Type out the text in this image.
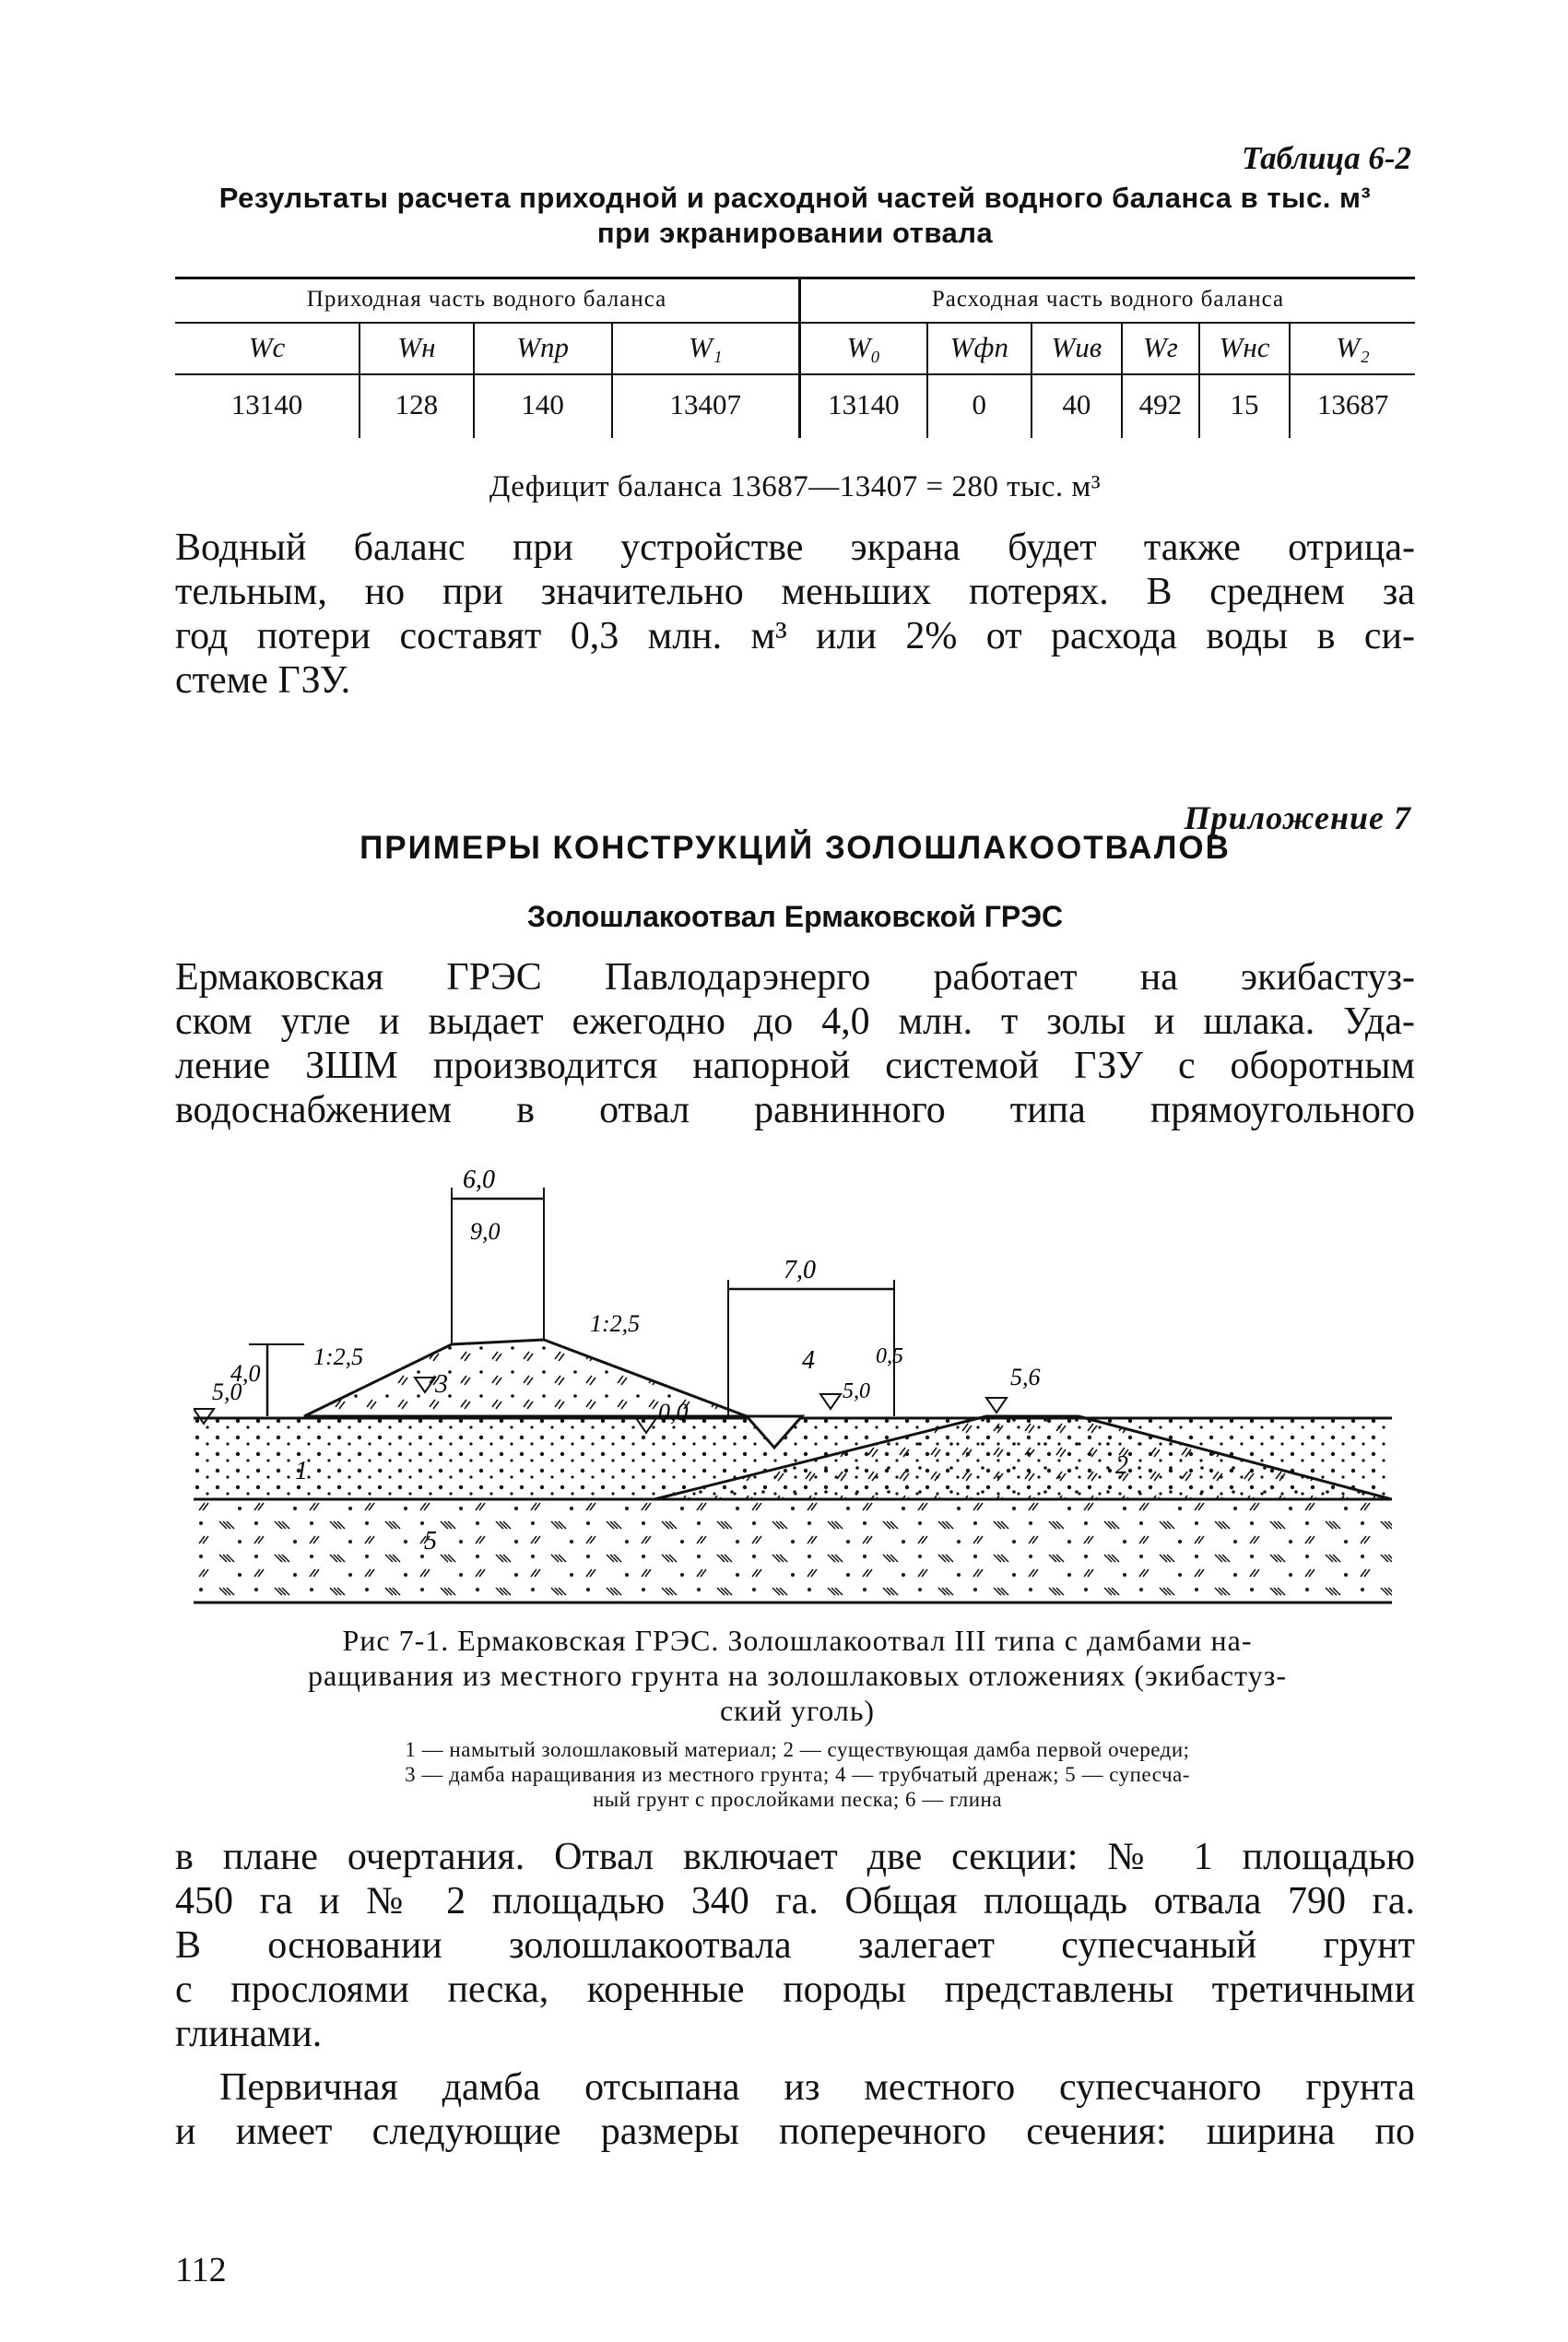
Таблица 6-2
Результаты расчета приходной и расходной частей водного баланса в тыс. м³
при экранировании отвала
Приходная часть водного баланса				Расходная часть водного баланса					
Wс	Wн	Wпр	W₁	W₀	Wфп	Wив	Wг	Wнс	W₂
13140	128	140	13407	13140	0	40	492	15	13687
Дефицит баланса 13687—13407 = 280 тыс. м³
Водный баланс при устройстве экрана будет также отрица-
тельным, но при значительно меньших потерях. В среднем за
год потери составят 0,3 млн. м³ или 2% от расхода воды в си-
стеме ГЗУ.
Приложение 7
ПРИМЕРЫ КОНСТРУКЦИЙ ЗОЛОШЛАКООТВАЛОВ
Золошлакоотвал Ермаковской ГРЭС
Ермаковская ГРЭС Павлодарэнерго работает на экибастуз-
ском угле и выдает ежегодно до 4,0 млн. т золы и шлака. Уда-
ление ЗШМ производится напорной системой ГЗУ с оборотным
водоснабжением в отвал равнинного типа прямоугольного
6,0
9,0
7,0
4,0
0,5
5,0	5,0
5,6
0,0
1:2,5
1:2,5
1	2
3
4
5
Рис 7-1. Ермаковская ГРЭС. Золошлакоотвал III типа с дамбами на-
ращивания из местного грунта на золошлаковых отложениях (экибастуз-
ский уголь)
1 — намытый золошлаковый материал; 2 — существующая дамба первой очереди;
3 — дамба наращивания из местного грунта; 4 — трубчатый дренаж; 5 — супесча-
ный грунт с прослойками песка; 6 — глина
в плане очертания. Отвал включает две секции: № 1 площадью
450 га и № 2 площадью 340 га. Общая площадь отвала 790 га.
В основании золошлакоотвала залегает супесчаный грунт
с прослоями песка, коренные породы представлены третичными
глинами.
Первичная дамба отсыпана из местного супесчаного грунта
и имеет следующие размеры поперечного сечения: ширина по
112
